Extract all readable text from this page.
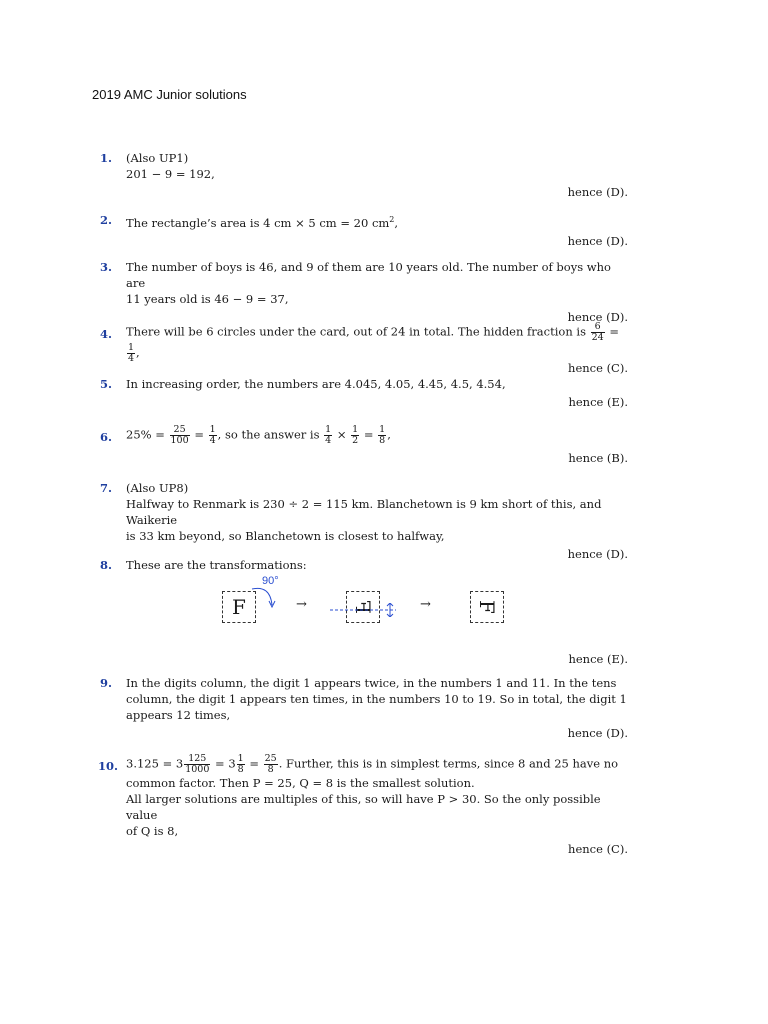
2019 AMC Junior solutions
1.	(Also UP1)
201 − 9 = 192,
hence (D).
2.	The rectangle’s area is 4 cm × 5 cm = 20 $cm^2$,
hence (D).
3.	The number of boys is 46, and 9 of them are 10 years old. The number of boys who are
11 years old is 46 − 9 = 37,
hence (D).
4.	There will be 6 circles under the card, out of 24 in total. The hidden fraction is $\frac{6}{24}$ =
$\frac{1}{4}$ ,
hence (C).
5.	In increasing order, the numbers are 4.045, 4.05, 4.45, 4.5, 4.54,
hence (E).
6.	$25\% = \frac{25}{100} = \frac{1}{4}$ , so the answer is $\frac{1}{4} \times \frac{1}{2} = \frac{1}{8}$ ,
hence (B).
7.	(Also UP8)
Halfway to Renmark is 230 ÷ 2 = 115 km. Blanchetown is 9 km short of this, and Waikerie
is 33 km beyond, so Blanchetown is closest to halfway,
hence (D).
8.	These are the transformations:
90°
F	→ F	→ F
hence (E).
9.	In the digits column, the digit 1 appears twice, in the numbers 1 and 11. In the tens
column, the digit 1 appears ten times, in the numbers 10 to 19. So in total, the digit 1
appears 12 times,
hence (D).
10. $3.125 = 3 \frac{125}{1000} = 3 \frac{1}{8} = \frac{25}{8}$ . Further, this is in simplest terms, since 8 and 25 have no
common factor. Then P = 25, Q = 8 is the smallest solution.
All larger solutions are multiples of this, so will have P > 30. So the only possible value
of Q is 8,
hence (C).
